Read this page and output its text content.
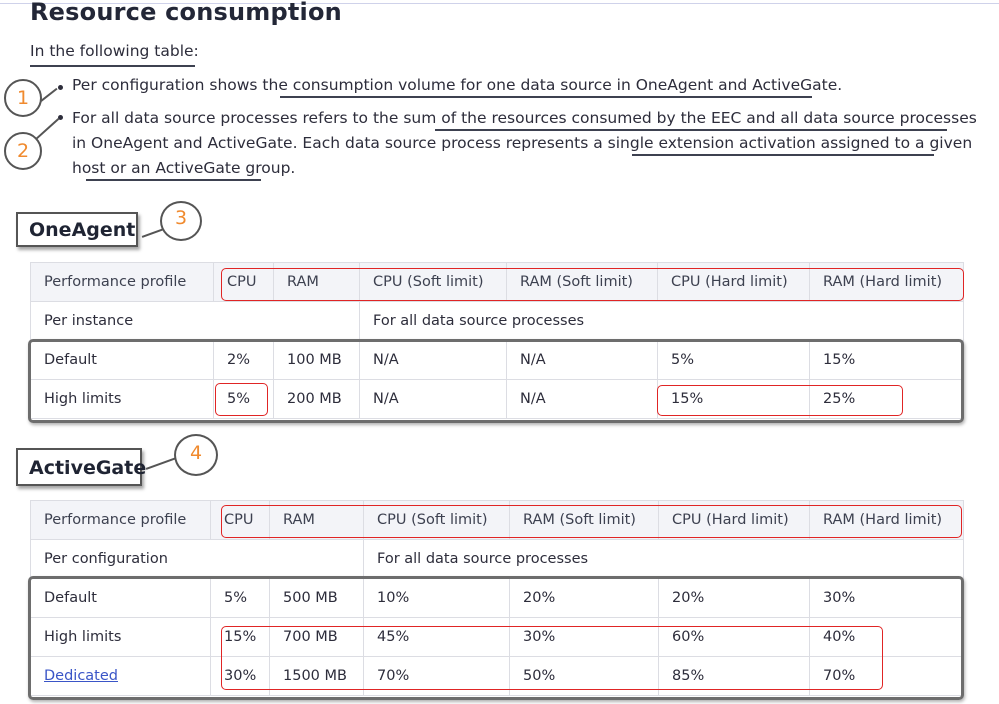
Resource consumption
In the following table:
Per configuration shows the consumption volume for one data source in OneAgent and ActiveGate.
For all data source processes refers to the sum of the resources consumed by the EEC and all data source processes
in OneAgent and ActiveGate. Each data source process represents a single extension activation assigned to a given
host or an ActiveGate group.
1
2
OneAgent
3
Performance profile	CPU	RAM	CPU (Soft limit)	RAM (Soft limit)	CPU (Hard limit)	RAM (Hard limit)
Per instance			For all data source processes			
Default	2%	100 MB	N/A	N/A	5%	15%
High limits	5%	200 MB	N/A	N/A	15%	25%
ActiveGate
4
Performance profile	CPU	RAM	CPU (Soft limit)	RAM (Soft limit)	CPU (Hard limit)	RAM (Hard limit)
Per configuration			For all data source processes			
Default	5%	500 MB	10%	20%	20%	30%
High limits	15%	700 MB	45%	30%	60%	40%
Dedicated	30%	1500 MB	70%	50%	85%	70%
